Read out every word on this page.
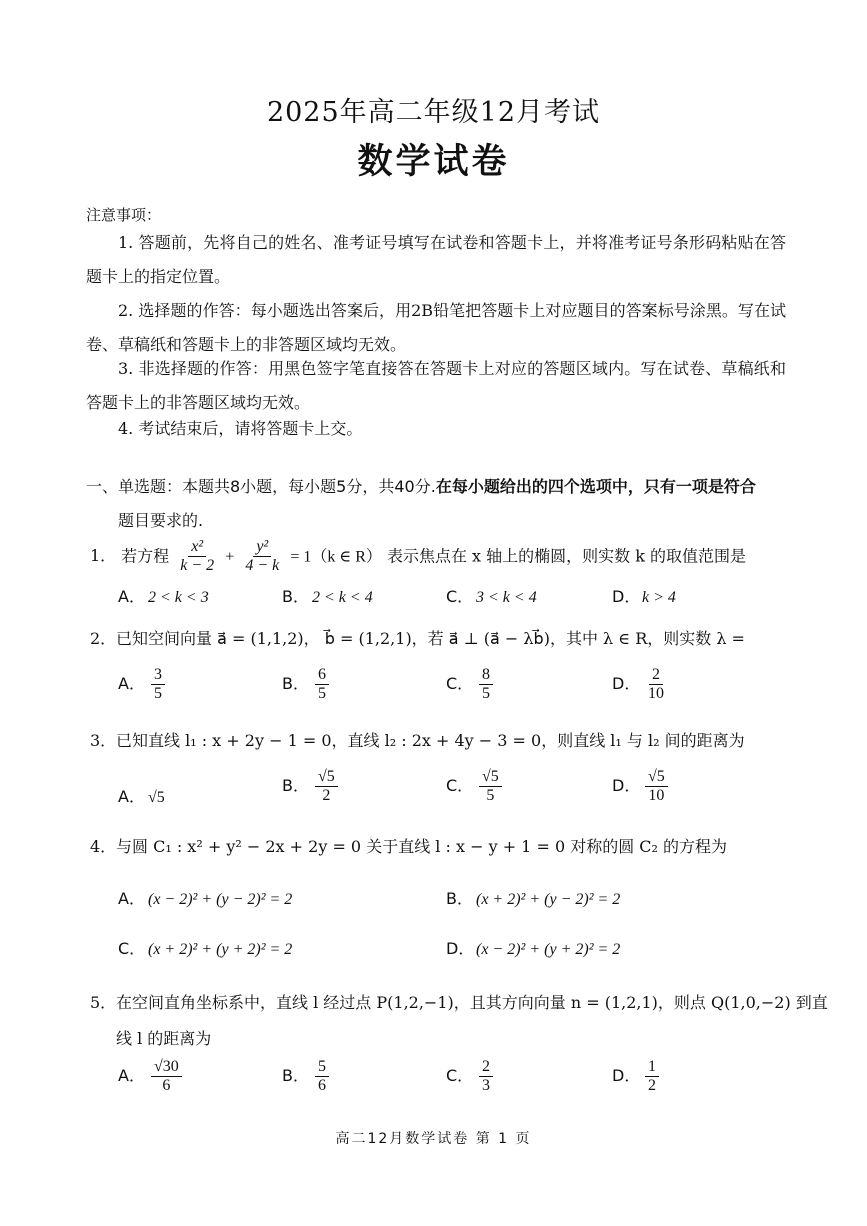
2025年高二年级12月考试
数学试卷
注意事项：
1. 答题前，先将自己的姓名、准考证号填写在试卷和答题卡上，并将准考证号条形码粘贴在答题卡上的指定位置。
2. 选择题的作答：每小题选出答案后，用2B铅笔把答题卡上对应题目的答案标号涂黑。写在试卷、草稿纸和答题卡上的非答题区域均无效。
3. 非选择题的作答：用黑色签字笔直接答在答题卡上对应的答题区域内。写在试卷、草稿纸和答题卡上的非答题区域均无效。
4. 考试结束后，请将答题卡上交。
一、单选题：本题共8小题，每小题5分，共40分.在每小题给出的四个选项中，只有一项是符合
题目要求的.
1． 若方程 $\frac{\text{x²}}{k - 2} + \frac{\text{y²}}{4 - k} = 1(k$ ∈ R） 表示焦点在 x 轴上的椭圆，则实数 k 的取值范围是
A． 2 < k < 3	B． 2 < k < 4	C． 3 < k < 4	D． k > 4
2．已知空间向量 a⃗ = (1,1,2)， b⃗ = (1,2,1)，若 a⃗ ⊥ (a⃗ − λb⃗)，其中 λ ∈ R，则实数 λ =
A． $\frac{3}{5}$	B． $\frac{6}{5}$	C． $\frac{8}{5}$	D． $\frac{2}{10}$
3．已知直线 l₁ : x + 2y − 1 = 0，直线 l₂ : 2x + 4y − 3 = 0，则直线 l₁ 与 l₂ 间的距离为
A． √5
B． $\frac{√5}{2}$	C． $\frac{√5}{5}$	D． $\frac{√5}{10}$
4．与圆 C₁ : x² + y² − 2x + 2y = 0 关于直线 l : x − y + 1 = 0 对称的圆 C₂ 的方程为
A． (x − 2)² + (y − 2)² = 2	B． (x + 2)² + (y − 2)² = 2
C． (x + 2)² + (y + 2)² = 2	D． (x − 2)² + (y + 2)² = 2
5．在空间直角坐标系中，直线 l 经过点 P(1,2,−1)，且其方向向量 n = (1,2,1)，则点 Q(1,0,−2) 到直
线 l 的距离为
A． $\frac{√30}{6}$	B． $\frac{5}{6}$	C． $\frac{2}{3}$	D． $\frac{1}{2}$
高二12月数学试卷 第 1 页
